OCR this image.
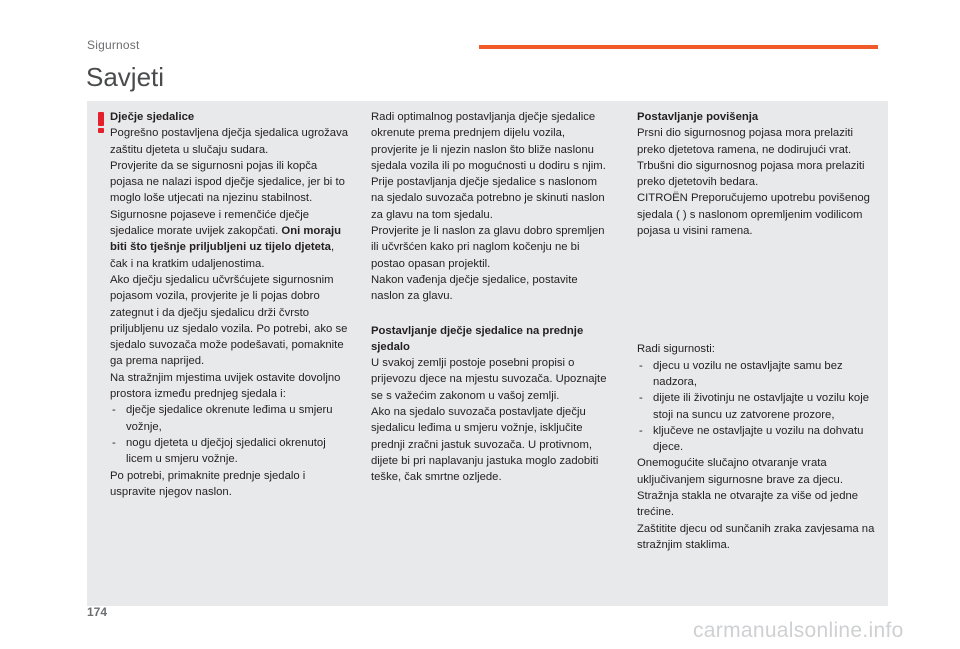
Sigurnost
Savjeti

Dječje sjedalice

Pogrešno postavljena dječja sjedalica ugrožava zaštitu djeteta u slučaju sudara.

Provjerite da se sigurnosni pojas ili kopča pojasa ne nalazi ispod dječje sjedalice, jer bi to moglo loše utjecati na njezinu stabilnost.

Sigurnosne pojaseve i remenčiće dječje sjedalice morate uvijek zakopčati. Oni moraju biti što tješnje priljubljeni uz tijelo djeteta, čak i na kratkim udaljenostima.

Ako dječju sjedalicu učvršćujete sigurnosnim pojasom vozila, provjerite je li pojas dobro zategnut i da dječju sjedalicu drži čvrsto priljubljenu uz sjedalo vozila. Po potrebi, ako se sjedalo suvozača može podešavati, pomaknite ga prema naprijed.

Na stražnjim mjestima uvijek ostavite dovoljno prostora između prednjeg sjedala i:

- dječje sjedalice okrenute leđima u smjeru vožnje,
- nogu djeteta u dječjoj sjedalici okrenutoj licem u smjeru vožnje.

Po potrebi, primaknite prednje sjedalo i uspravite njegov naslon.

Radi optimalnog postavljanja dječje sjedalice okrenute prema prednjem dijelu vozila, provjerite je li njezin naslon što bliže naslonu sjedala vozila ili po mogućnosti u dodiru s njim.

Prije postavljanja dječje sjedalice s naslonom na sjedalo suvozača potrebno je skinuti naslon za glavu na tom sjedalu.

Provjerite je li naslon za glavu dobro spremljen ili učvršćen kako pri naglom kočenju ne bi postao opasan projektil.

Nakon vađenja dječje sjedalice, postavite naslon za glavu.

Postavljanje dječje sjedalice na prednje sjedalo

U svakoj zemlji postoje posebni propisi o prijevozu djece na mjestu suvozača. Upoznajte se s važećim zakonom u vašoj zemlji.

Ako na sjedalo suvozača postavljate dječju sjedalicu leđima u smjeru vožnje, isključite prednji zračni jastuk suvozača. U protivnom, dijete bi pri naplavanju jastuka moglo zadobiti teške, čak smrtne ozljede.

Postavljanje povišenja

Prsni dio sigurnosnog pojasa mora prelaziti preko djetetova ramena, ne dodirujući vrat.

Trbušni dio sigurnosnog pojasa mora prelaziti preko djetetovih bedara.

CITROËN Preporučujemo upotrebu povišenog sjedala ( ) s naslonom opremljenim vodilicom pojasa u visini ramena.

Radi sigurnosti:

- djecu u vozilu ne ostavljajte samu bez nadzora,
- dijete ili životinju ne ostavljajte u vozilu koje stoji na suncu uz zatvorene prozore,
- ključeve ne ostavljajte u vozilu na dohvatu djece.

Onemogućite slučajno otvaranje vrata uključivanjem sigurnosne brave za djecu.

Stražnja stakla ne otvarajte za više od jedne trećine.

Zaštitite djecu od sunčanih zraka zavjesama na stražnjim staklima.

174
carmanualsonline.info
